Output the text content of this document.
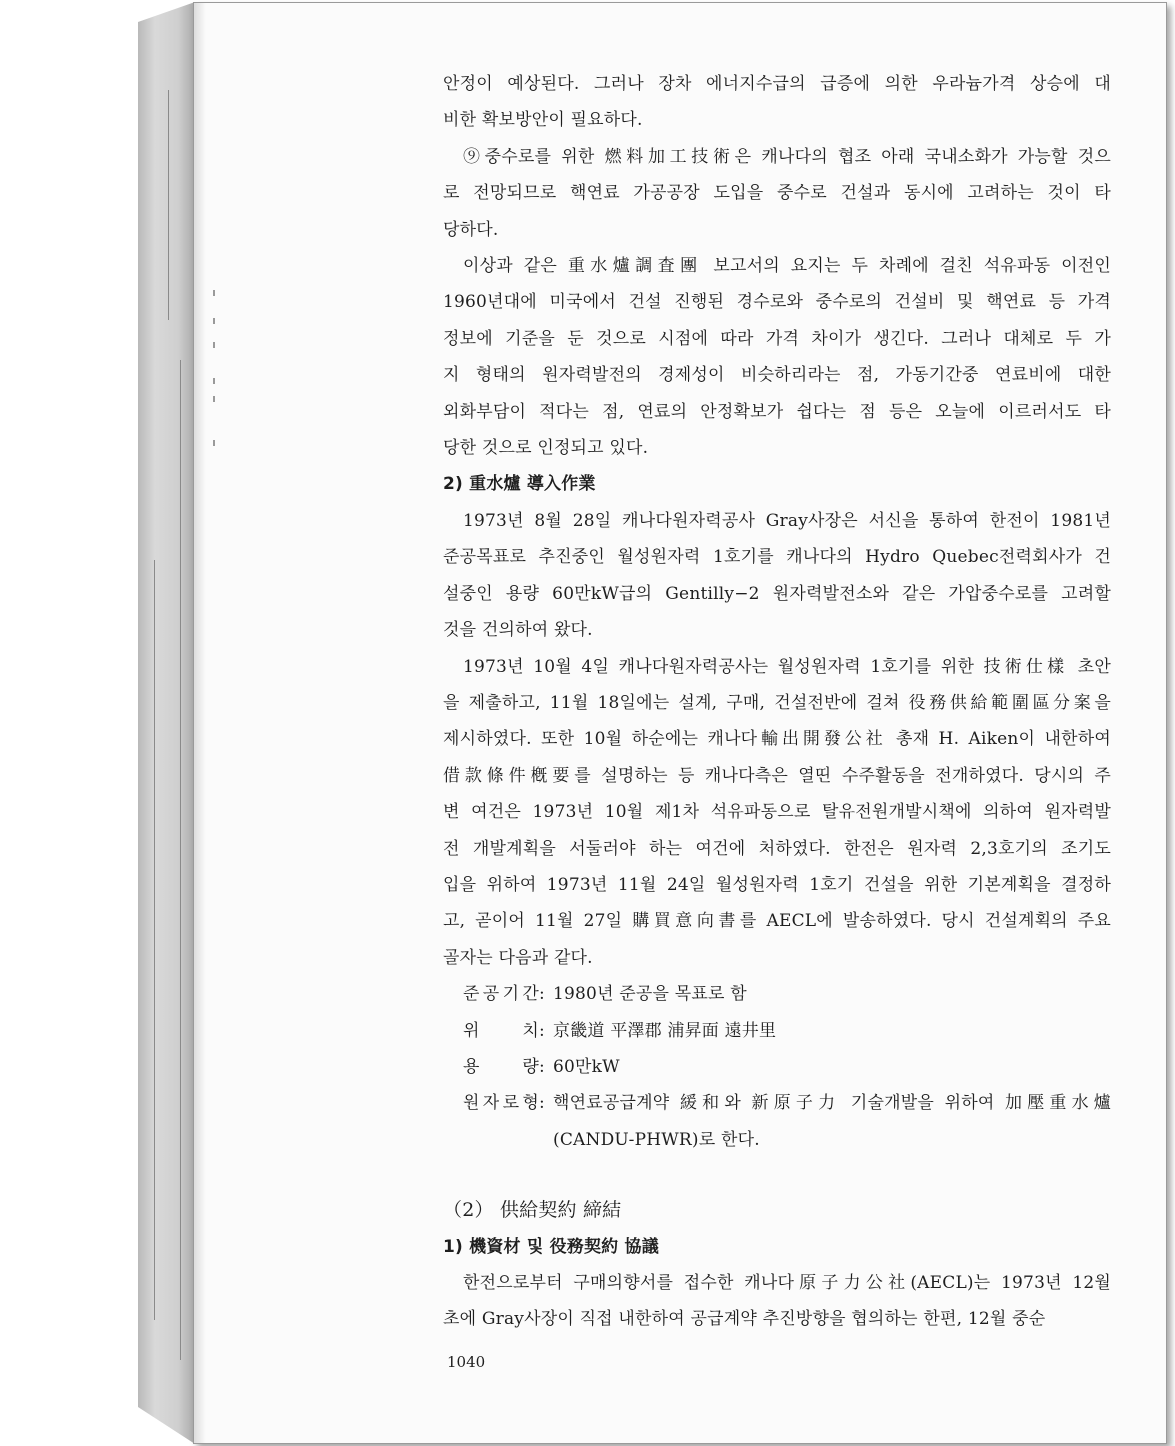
안정이 예상된다. 그러나 장차 에너지수급의 급증에 의한 우라늄가격 상승에 대
비한 확보방안이 필요하다.
⑨중수로를 위한 燃料加工技術은 캐나다의 협조 아래 국내소화가 가능할 것으
로 전망되므로 핵연료 가공공장 도입을 중수로 건설과 동시에 고려하는 것이 타
당하다.
이상과 같은 重水爐調査團 보고서의 요지는 두 차례에 걸친 석유파동 이전인
1960년대에 미국에서 건설 진행된 경수로와 중수로의 건설비 및 핵연료 등 가격
정보에 기준을 둔 것으로 시점에 따라 가격 차이가 생긴다. 그러나 대체로 두 가
지 형태의 원자력발전의 경제성이 비슷하리라는 점, 가동기간중 연료비에 대한
외화부담이 적다는 점, 연료의 안정확보가 쉽다는 점 등은 오늘에 이르러서도 타
당한 것으로 인정되고 있다.
2) 重水爐 導入作業
1973년 8월 28일 캐나다원자력공사 Gray사장은 서신을 통하여 한전이 1981년
준공목표로 추진중인 월성원자력 1호기를 캐나다의 Hydro Quebec전력회사가 건
설중인 용량 60만kW급의 Gentilly−2 원자력발전소와 같은 가압중수로를 고려할
것을 건의하여 왔다.
1973년 10월 4일 캐나다원자력공사는 월성원자력 1호기를 위한 技術仕樣 초안
을 제출하고, 11월 18일에는 설계, 구매, 건설전반에 걸쳐 役務供給範圍區分案을
제시하였다. 또한 10월 하순에는 캐나다輸出開發公社 총재 H. Aiken이 내한하여
借款條件槪要를 설명하는 등 캐나다측은 열띤 수주활동을 전개하였다. 당시의 주
변 여건은 1973년 10월 제1차 석유파동으로 탈유전원개발시책에 의하여 원자력발
전 개발계획을 서둘러야 하는 여건에 처하였다. 한전은 원자력 2,3호기의 조기도
입을 위하여 1973년 11월 24일 월성원자력 1호기 건설을 위한 기본계획을 결정하
고, 곧이어 11월 27일 購買意向書를 AECL에 발송하였다. 당시 건설계획의 주요
골자는 다음과 같다.
준 공 기 간 : 1980년 준공을 목표로 함
위	치 : 京畿道 平澤郡 浦昇面 遠井里
용	량 : 60만kW
원 자 로 형 : 핵연료공급계약 緩和와 新原子力 기술개발을 위하여 加壓重水爐
(CANDU-PHWR)로 한다.
（2） 供給契約 締結
1) 機資材 및 役務契約 協議
한전으로부터 구매의향서를 접수한 캐나다原子力公社(AECL)는 1973년 12월
초에 Gray사장이 직접 내한하여 공급계약 추진방향을 협의하는 한편, 12월 중순
1040
